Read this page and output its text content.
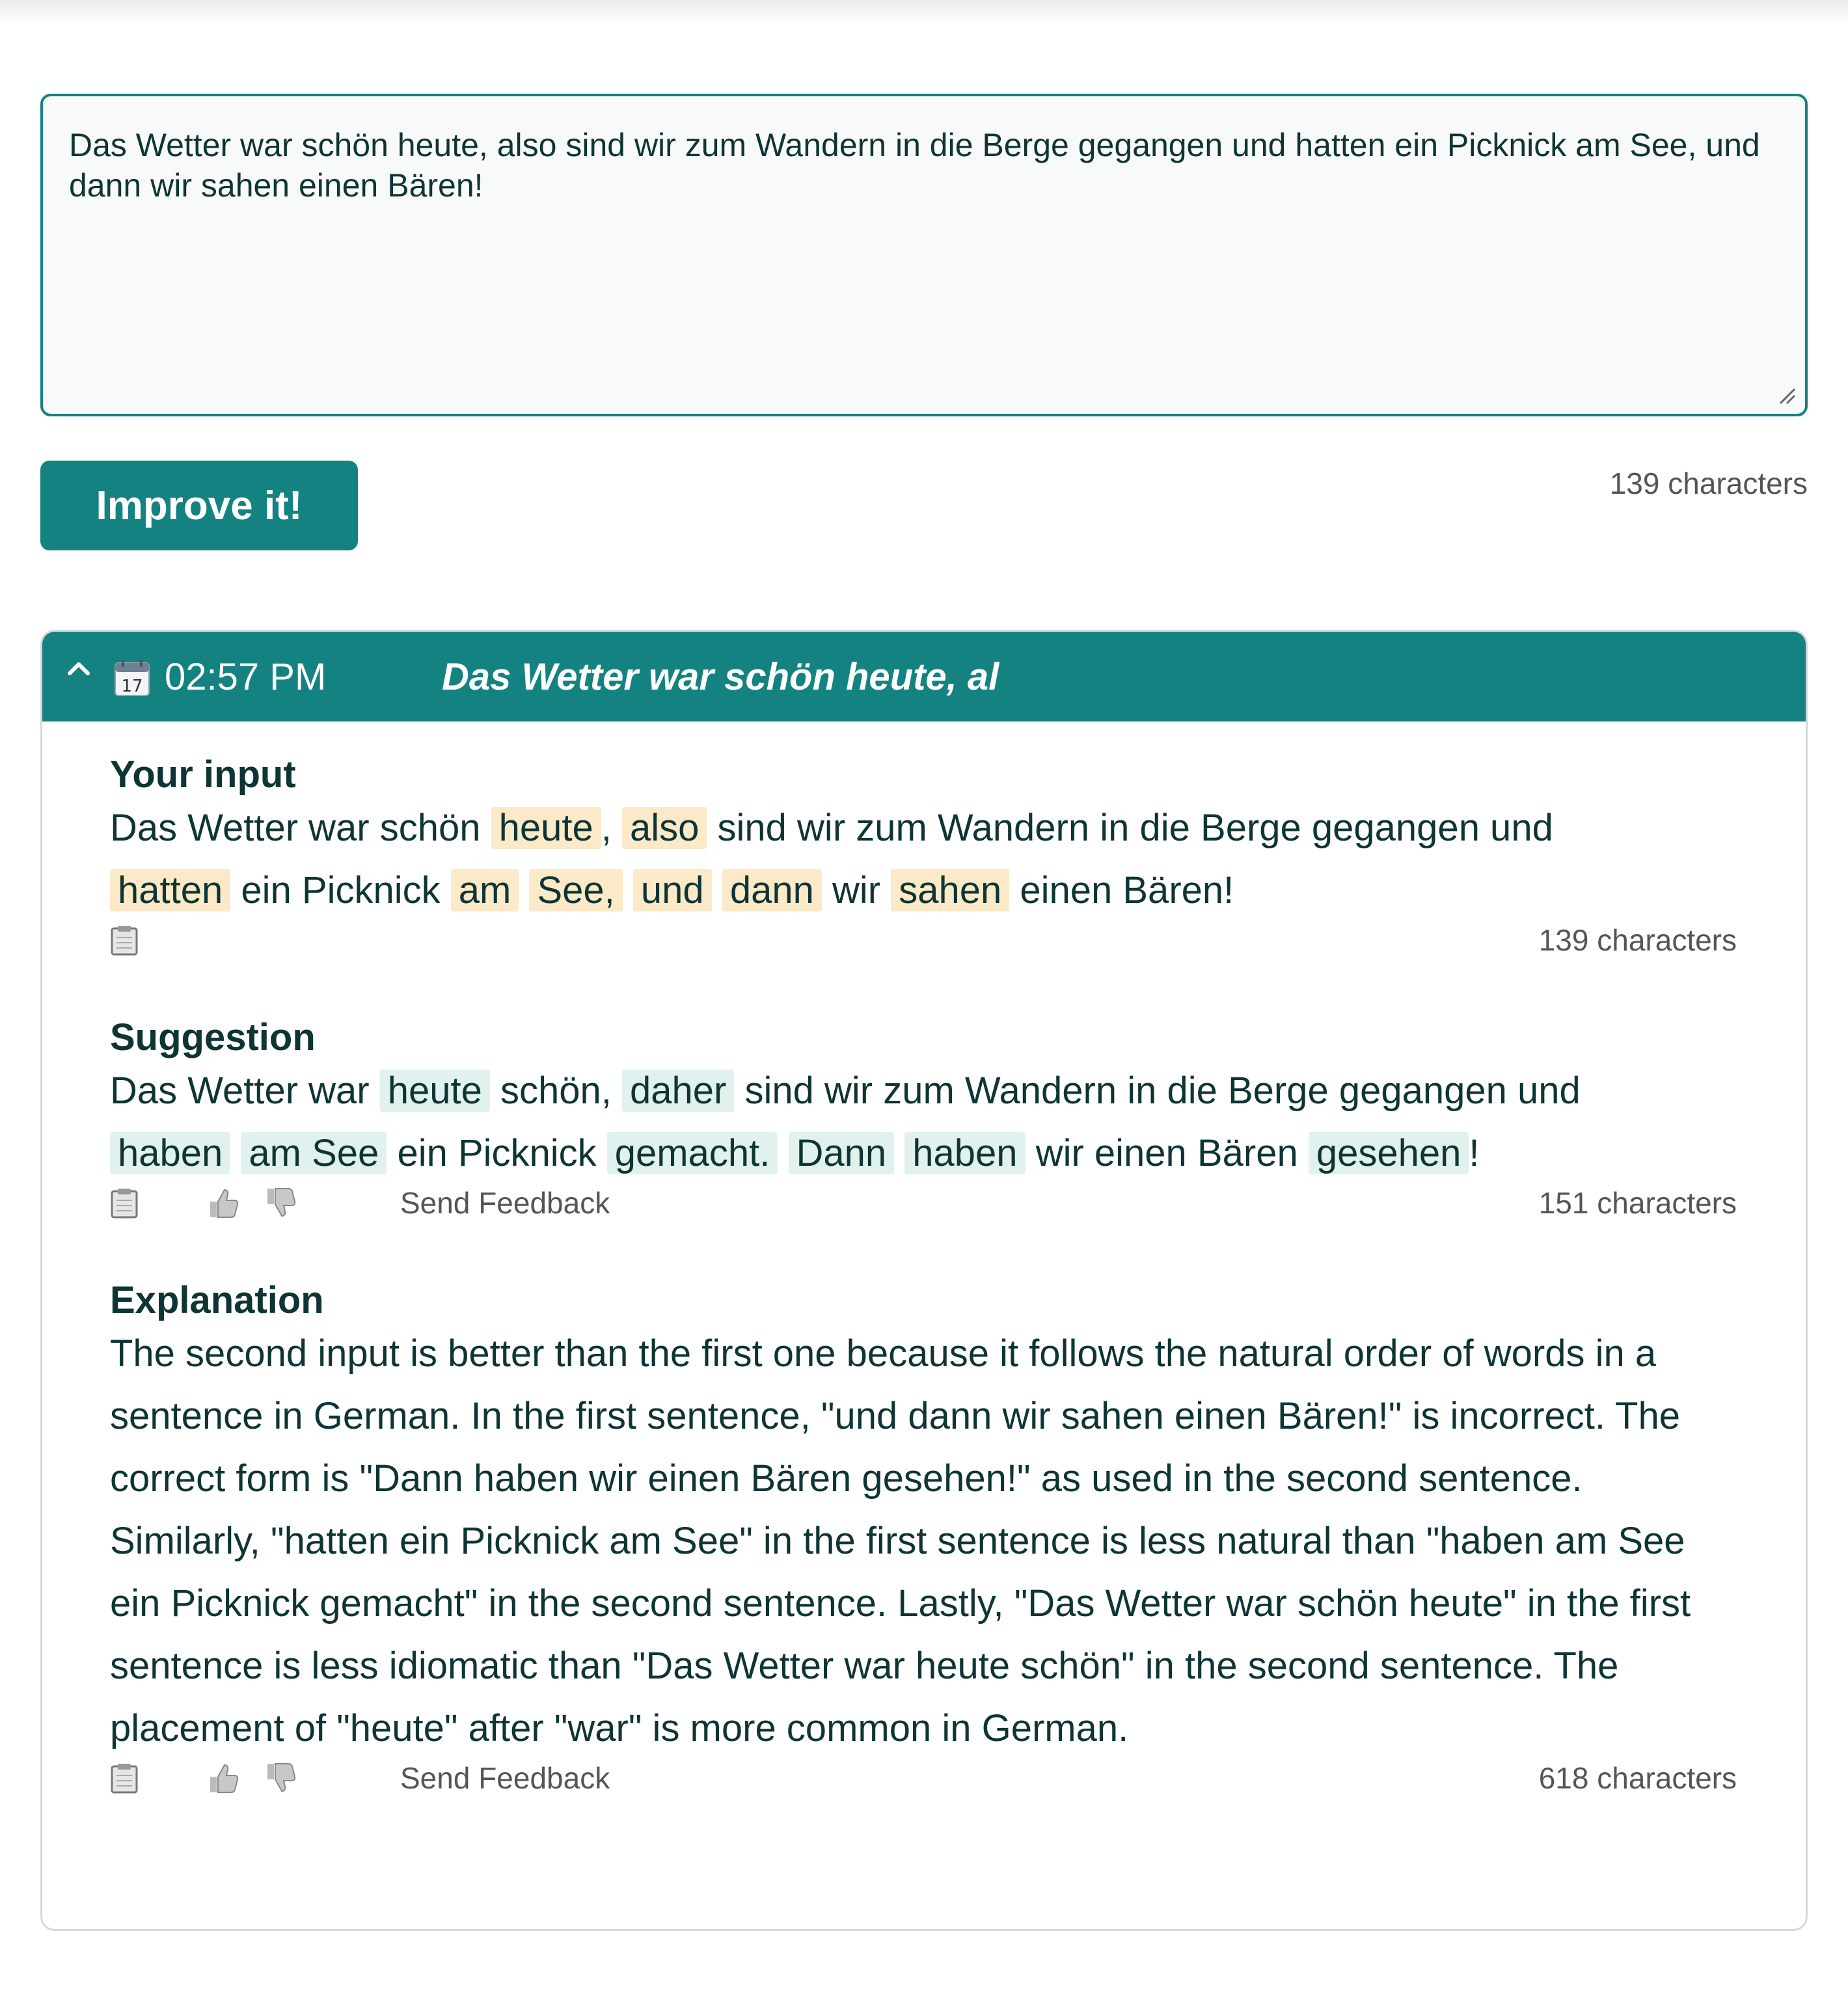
Das Wetter war schön heute, also sind wir zum Wandern in die Berge gegangen und hatten ein Picknick am See, und dann wir sahen einen Bären!
Improve it!	139 characters
17 02:57 PM	Das Wetter war schön heute, al
Your input

Das Wetter war schön heute , also sind wir zum Wandern in die Berge gegangen und
hatten ein Picknick am See, und dann wir sahen einen Bären!

139 characters
Suggestion

Das Wetter war heute schön, daher sind wir zum Wandern in die Berge gegangen und
haben am See ein Picknick gemacht. Dann haben wir einen Bären gesehen !

Send Feedback	151 characters
Explanation

The second input is better than the first one because it follows the natural order of words in a sentence in German. In the first sentence, "und dann wir sahen einen Bären!" is incorrect. The correct form is "Dann haben wir einen Bären gesehen!" as used in the second sentence. Similarly, "hatten ein Picknick am See" in the first sentence is less natural than "haben am See ein Picknick gemacht" in the second sentence. Lastly, "Das Wetter war schön heute" in the first sentence is less idiomatic than "Das Wetter war heute schön" in the second sentence. The placement of "heute" after "war" is more common in German.

Send Feedback	618 characters
